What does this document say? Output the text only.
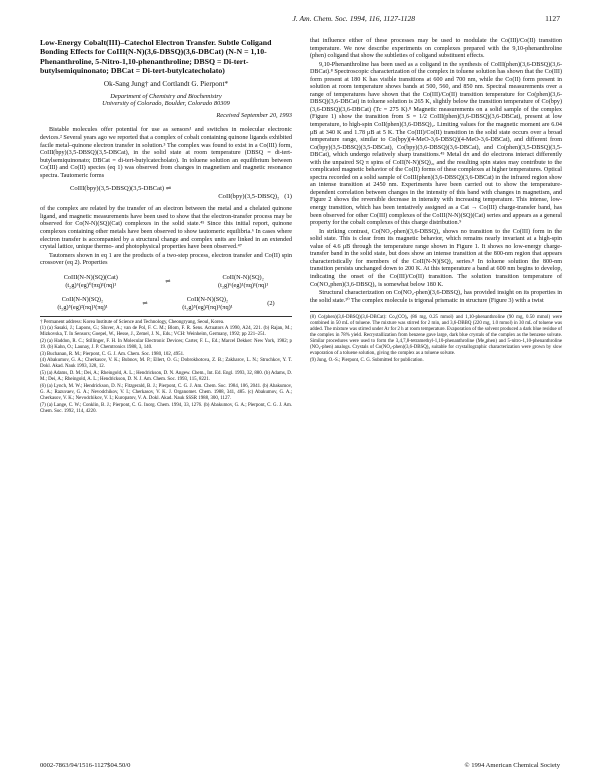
J. Am. Chem. Soc. 1994, 116, 1127-1128	1127
Low-Energy Cobalt(III)–Catechol Electron Transfer. Subtle Coligand Bonding Effects for CoIII(N-N)(3,6-DBSQ)(3,6-DBCat) (N-N = 1,10-Phenanthroline, 5-Nitro-1,10-phenanthroline; DBSQ = Di-tert-butylsemiquinonato; DBCat = Di-tert-butylcatecholato)
Ok-Sang Jung† and Cortlandt G. Pierpont*
Department of Chemistry and Biochemistry
University of Colorado, Boulder, Colorado 80309
Received September 20, 1993

Bistable molecules offer potential for use as sensors¹ and switches in molecular electronic devices.² Several years ago we reported that a complex of cobalt containing quinone ligands exhibited facile metal–quinone electron transfer in solution.³ The complex was found to exist in a Co(III) form, CoIII(bpy)(3,5-DBSQ)(3,5-DBCat), in the solid state at room temperature (DBSQ = di-tert-butylsemiquinonato; DBCat = di-tert-butylcatecholato). In toluene solution an equilibrium between Co(III) and Co(II) species (eq 1) was observed from changes in magnetism and magnetic resonance spectra. Tautomeric forms

CoIII(bpy)(3,5-DBSQ)(3,5-DBCat) ⇌
CoII(bpy)(3,5-DBSQ)₂ (1)

of the complex are related by the transfer of an electron between the metal and a chelated quinone ligand, and magnetic measurements have been used to show that the electron-transfer process may be observed for Co(N-N)(SQ)(Cat) complexes in the solid state.⁴⁵ Since this initial report, quinone complexes containing other metals have been observed to show tautomeric equilibria.⁶ In cases where electron transfer is accompanied by a structural change and complex units are linked in an extended crystal lattice, unique thermo- and photophysical properties have been observed.⁴⁷

Tautomers shown in eq 1 are the products of a two-step process, electron transfer and Co(II) spin crossover (eq 2). Properties

CoIII(N-N)(SQ)(Cat)
(t₂g)⁶(eg)⁰(πq)¹(πq)¹
⇌
CoII(N-N)(SQ)₂
(t₂g)⁶(eg)¹(πq)¹(πq)¹
CoII(N-N)(SQ)₂
(t₂g)⁵(eg)²(πq)¹(πq)¹
⇌
CoII(N-N)(SQ)₂
(t₂g)⁵(eg)²(πq)¹(πq)¹
(2)
† Permanent address: Korea Institute of Science and Technology, Cheongryang, Seoul, Korea.
(1) (a) Sasaki, J.; Lapons, G.; Sluver, A.; van de Pol, F. C. M.; Blom, F. R. Sens. Actuators A 1990, A24, 221. (b) Rajan, M.; Mizkovska, T. In Sensors; Goepel, W., Hesse, J., Zemel, J. N., Eds.; VCH: Weinheim, Germany, 1992; pp 221–251.
(2) (a) Haddon, R. C.; Stillinger, F. H. In Molecular Electronic Devices; Carter, F. L., Ed.; Marcel Dekker: New York, 1982; p 19. (b) Kahn, O.; Launay, J. P. Chemtronics 1988, 3, 140.
(3) Buchanan, R. M.; Pierpont, C. G. J. Am. Chem. Soc. 1980, 102, 4951.
(4) Abakumov, G. A.; Cherkasov, V. K.; Bubnov, M. P.; Ellert, O. G.; Dobrokhotova, Z. B.; Zakharov, L. N.; Struchkov, Y. T. Dokl. Akad. Nauk 1993, 328, 12.
(5) (a) Adams, D. M.; Dei, A.; Rheingold, A. L.; Hendrickson, D. N. Angew. Chem., Int. Ed. Engl. 1993, 32, 880. (b) Adams, D. M.; Dei, A.; Rheingold, A. L.; Hendrickson, D. N. J. Am. Chem. Soc. 1993, 115, 8221.
(6) (a) Lynch, M. W.; Hendrickson, D. N.; Fitzgerald, B. J.; Pierpont, C. G. J. Am. Chem. Soc. 1984, 106, 2041. (b) Abakumov, G. A.; Razuvaev, G. A.; Nevodchikov, V. I.; Cherkasov, V. K. J. Organomet. Chem. 1988, 341, 485. (c) Abakumov, G. A.; Cherkasov, V. K.; Nevodchikov, V. I.; Kuropatov, V. A. Dokl. Akad. Nauk SSSR 1988, 300, 1127.
(7) (a) Lange, C. W.; Conklin, B. J.; Pierpont, C. G. Inorg. Chem. 1994, 33, 1276. (b) Abakumov, G. A.; Pierpont, C. G. J. Am. Chem. Soc. 1992, 114, 4220.

that influence either of these processes may be used to modulate the Co(III)/Co(II) transition temperature. We now describe experiments on complexes prepared with the 9,10-phenanthroline (phen) coligand that show the subtleties of coligand substituent effects.

9,10-Phenanthroline has been used as a coligand in the synthesis of CoIII(phen)(3,6-DBSQ)(3,6-DBCat).⁸ Spectroscopic characterization of the complex in toluene solution has shown that the Co(III) form present at 180 K has visible transitions at 600 and 700 nm, while the Co(II) form present in solution at room temperature shows bands at 500, 560, and 850 nm. Spectral measurements over a range of temperatures have shown that the Co(III)/Co(II) transition temperature for Co(phen)(3,6-DBSQ)(3,6-DBCat) in toluene solution is 265 K, slightly below the transition temperature of Co(bpy)(3,6-DBSQ)(3,6-DBCat) (Tc = 275 K).⁸ Magnetic measurements on a solid sample of the complex (Figure 1) show the transition from S = 1/2 CoIII(phen)(3,6-DBSQ)(3,6-DBCat), present at low temperature, to high-spin CoII(phen)(3,6-DBSQ)₂. Limiting values for the magnetic moment are 6.04 μB at 340 K and 1.78 μB at 5 K. The Co(III)/Co(II) transition in the solid state occurs over a broad temperature range, similar to Co(bpy)(4-MeO-3,6-DBSQ)(4-MeO-3,6-DBCat), and different from Co(bpy)(3,5-DBSQ)(3,5-DBCat), Co(bpy)(3,6-DBSQ)(3,6-DBCat), and Co(phen)(3,5-DBSQ)(3,5-DBCat), which undergo relatively sharp transitions.⁴⁵ Metal dπ and dσ electrons interact differently with the unpaired SQ π spins of CoII(N-N)(SQ)₂, and the resulting spin states may contribute to the complicated magnetic behavior of the Co(II) forms of these complexes at higher temperatures. Optical spectra recorded on a solid sample of CoIII(phen)(3,6-DBSQ)(3,6-DBCat) in the infrared region show an intense transition at 2450 nm. Experiments have been carried out to show the temperature-dependent correlation between changes in the intensity of this band with changes in magnetism, and Figure 2 shows the reversible decrease in intensity with increasing temperature. This intense, low-energy transition, which has been tentatively assigned as a Cat → Co(III) charge-transfer band, has been observed for other Co(III) complexes of the CoIII(N-N)(SQ)(Cat) series and appears as a general property for the cobalt complexes of this charge distribution.⁹

In striking contrast, Co(NO₂-phen)(3,6-DBSQ)₂ shows no transition to the Co(III) form in the solid state. This is clear from its magnetic behavior, which remains nearly invariant at a high-spin value of 4.6 μB through the temperature range shown in Figure 1. It shows no low-energy charge-transfer band in the solid state, but does show an intense transition at the 800-nm region that appears characteristically for members of the CoII(N-N)(SQ)₂ series.⁸ In toluene solution the 800-nm transition persists unchanged down to 200 K. At this temperature a band at 600 nm begins to develop, indicating the onset of the Co(III)/Co(II) transition. The solution transition temperature of Co(NO₂phen)(3,6-DBSQ)₂ is somewhat below 180 K.

Structural characterization on Co(NO₂-phen)(3,6-DBSQ)₂ has provided insight on its properties in the solid state.¹⁰ The complex molecule is trigonal prismatic in structure (Figure 3) with a twist

(8) Co(phen)(3,6-DBSQ)(3,6-DBCat): Co₂(CO)₈ (86 mg, 0.25 mmol) and 1,10-phenanthroline (90 mg, 0.50 mmol) were combined in 50 mL of toluene. The mixture was stirred for 2 min, and 3,6-DBBQ (220 mg, 1.0 mmol) in 30 mL of toluene was added. The mixture was stirred under Ar for 2 h at room temperature. Evaporation of the solvent produced a dark blue residue of the complex in 78% yield. Recrystallization from benzene gave large, dark blue crystals of the complex as the benzene solvate. Similar procedures were used to form the 3,4,7,8-tetramethyl-1,10-phenanthroline (Me₄phen) and 5-nitro-1,10-phenanthroline (NO₂-phen) analogs. Crystals of Co(NO₂-phen)(3,6-DBSQ)₂ suitable for crystallographic characterization were grown by slow evaporation of a toluene solution, giving the complex as a toluene solvate.
(9) Jung, O.-S.; Pierpont, C. G. Submitted for publication.
0002-7863/94/1516-1127$04.50/0	© 1994 American Chemical Society
